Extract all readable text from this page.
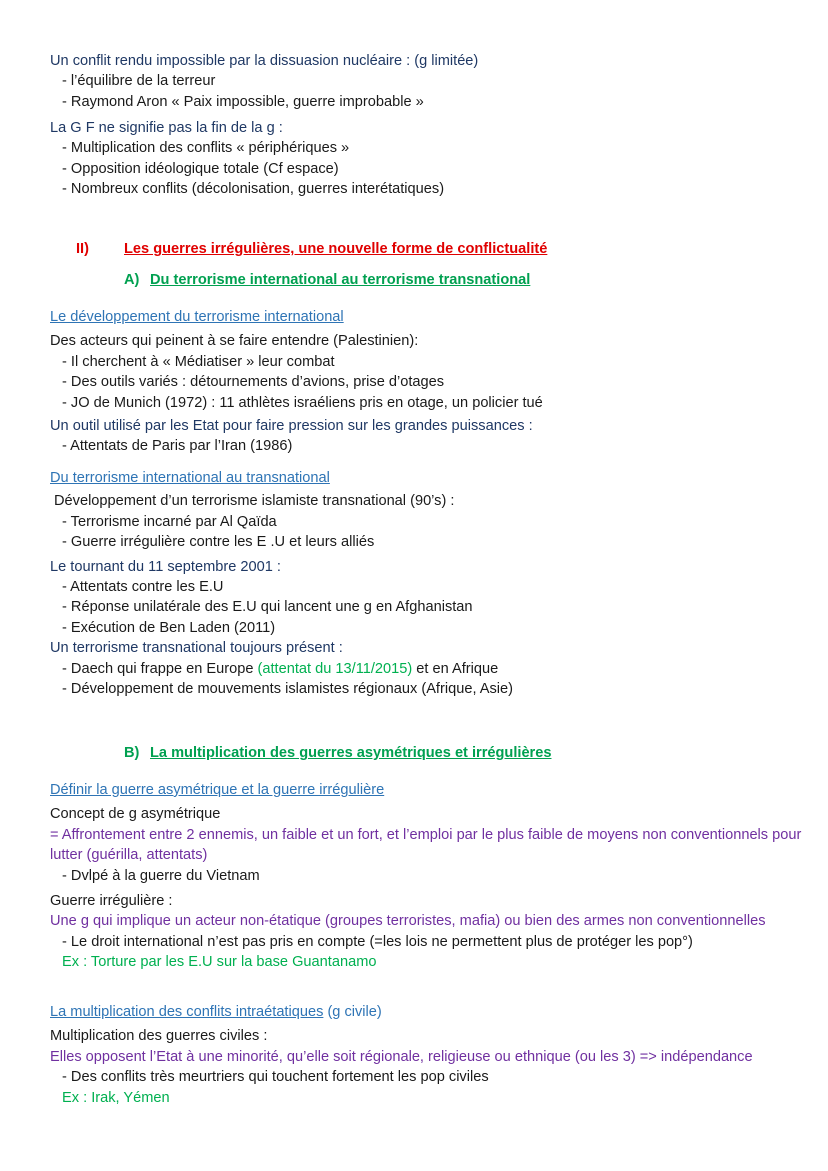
Un conflit rendu impossible par la dissuasion nucléaire : (g limitée)
- l’équilibre de la terreur
- Raymond Aron « Paix impossible, guerre improbable »
La G F ne signifie pas la fin de la g :
- Multiplication des conflits « périphériques »
- Opposition idéologique totale (Cf espace)
- Nombreux conflits (décolonisation, guerres interétatiques)
II) Les guerres irrégulières, une nouvelle forme de conflictualité
A) Du terrorisme international au terrorisme transnational
Le développement du terrorisme international
Des acteurs qui peinent à se faire entendre (Palestinien):
- Il cherchent à « Médiatiser » leur combat
- Des outils variés : détournements d’avions, prise d’otages
- JO de Munich (1972) : 11 athlètes israéliens pris en otage, un policier tué
Un outil utilisé par les Etat pour faire pression sur les grandes puissances :
- Attentats de Paris par l’Iran (1986)
Du terrorisme international au transnational
Développement d’un terrorisme islamiste transnational (90’s) :
- Terrorisme incarné par Al Qaïda
- Guerre irrégulière contre les E .U et leurs alliés
Le tournant du 11 septembre 2001 :
- Attentats contre les E.U
- Réponse unilatérale des E.U qui lancent une g en Afghanistan
- Exécution de Ben Laden (2011)
Un terrorisme transnational toujours présent :
- Daech qui frappe en Europe (attentat du 13/11/2015) et en Afrique
- Développement de mouvements islamistes régionaux (Afrique, Asie)
B) La multiplication des guerres asymétriques et irrégulières
Définir la guerre asymétrique et la guerre irrégulière
Concept de g asymétrique
= Affrontement entre 2 ennemis, un faible et un fort, et l’emploi par le plus faible de moyens non conventionnels pour lutter (guérilla, attentats)
- Dvlpé à la guerre du Vietnam
Guerre irrégulière :
Une g qui implique un acteur non-étatique (groupes terroristes, mafia) ou bien des armes non conventionnelles
- Le droit international n’est pas pris en compte (=les lois ne permettent plus de protéger les pop°)
Ex : Torture par les E.U sur la base Guantanamo
La multiplication des conflits intraétatiques (g civile)
Multiplication des guerres civiles :
Elles opposent l’Etat à une minorité, qu’elle soit régionale, religieuse ou ethnique (ou les 3) => indépendance
- Des conflits très meurtriers qui touchent fortement les pop civiles
Ex : Irak, Yémen
